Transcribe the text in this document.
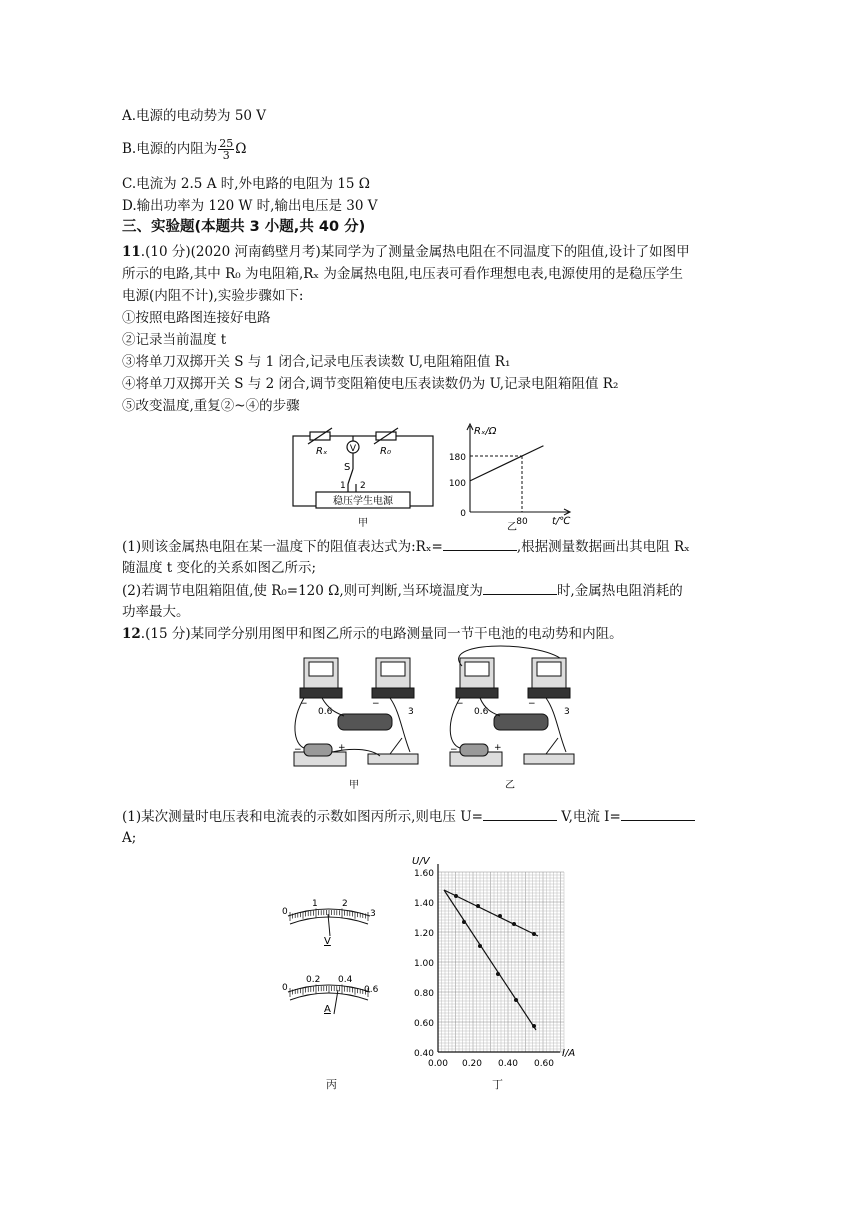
A.电源的电动势为 50 V
B.电源的内阻为 $\frac{25}{3}$ Ω
C.电流为 2.5 A 时,外电路的电阻为 15 Ω
D.输出功率为 120 W 时,输出电压是 30 V
三、实验题(本题共 3 小题,共 40 分)
11.(10 分)(2020 河南鹤壁月考)某同学为了测量金属热电阻在不同温度下的阻值,设计了如图甲
所示的电路,其中 R₀ 为电阻箱,Rₓ 为金属热电阻,电压表可看作理想电表,电源使用的是稳压学生
电源(内阻不计),实验步骤如下:
①按照电路图连接好电路
②记录当前温度 t
③将单刀双掷开关 S 与 1 闭合,记录电压表读数 U,电阻箱阻值 R₁
④将单刀双掷开关 S 与 2 闭合,调节变阻箱使电压表读数仍为 U,记录电阻箱阻值 R₂
⑤改变温度,重复②~④的步骤
V
Rₓ	R₀
S
1 2
稳压学生电源
甲
Rₓ/Ω
t/℃
180
100
0
80
乙
(1)则该金属热电阻在某一温度下的阻值表达式为:Rₓ=	,根据测量数据画出其电阻 Rₓ
随温度 t 变化的关系如图乙所示;
(2)若调节电阻箱阻值,使 R₀=120 Ω,则可判断,当环境温度为	时,金属热电阻消耗的
功率最大。
12.(15 分)某同学分别用图甲和图乙所示的电路测量同一节干电池的电动势和内阻。
0.6	3
−	−
−	+
0.6	3
−	−
−	+
甲	乙
(1)某次测量时电压表和电流表的示数如图丙所示,则电压 U=	V,电流 I=
A;
0
1	2
3
V
0
0.2 0.4
0.6
A
丙
U/V
I/A
1.60
1.40
1.20
1.00
0.80
0.60
0.40
0.00 0.20 0.40 0.60
丁
